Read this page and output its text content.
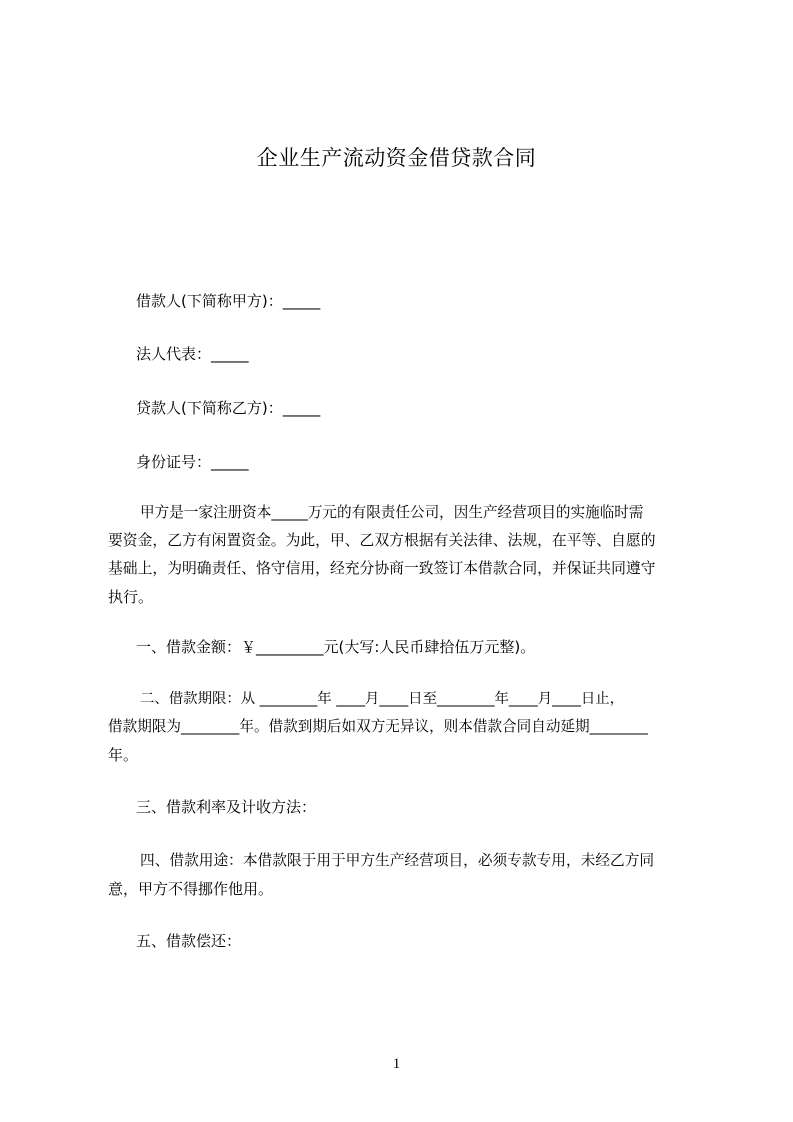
企业生产流动资金借贷款合同
借款人(下简称甲方)：_____
法人代表：_____
贷款人(下简称乙方)：_____
身份证号：_____
甲方是一家注册资本_____万元的有限责任公司，因生产经营项目的实施临时需
要资金，乙方有闲置资金。为此，甲、乙双方根据有关法律、法规，在平等、自愿的
基础上，为明确责任、恪守信用，经充分协商一致签订本借款合同，并保证共同遵守
执行。
一、借款金额：￥_________元(大写:人民币肆拾伍万元整)。
二、借款期限：从 ________年 ____月____日至________年____月____日止，
借款期限为________年。借款到期后如双方无异议，则本借款合同自动延期________
年。
三、借款利率及计收方法：
四、借款用途：本借款限于用于甲方生产经营项目，必须专款专用，未经乙方同
意，甲方不得挪作他用。
五、借款偿还：
1
